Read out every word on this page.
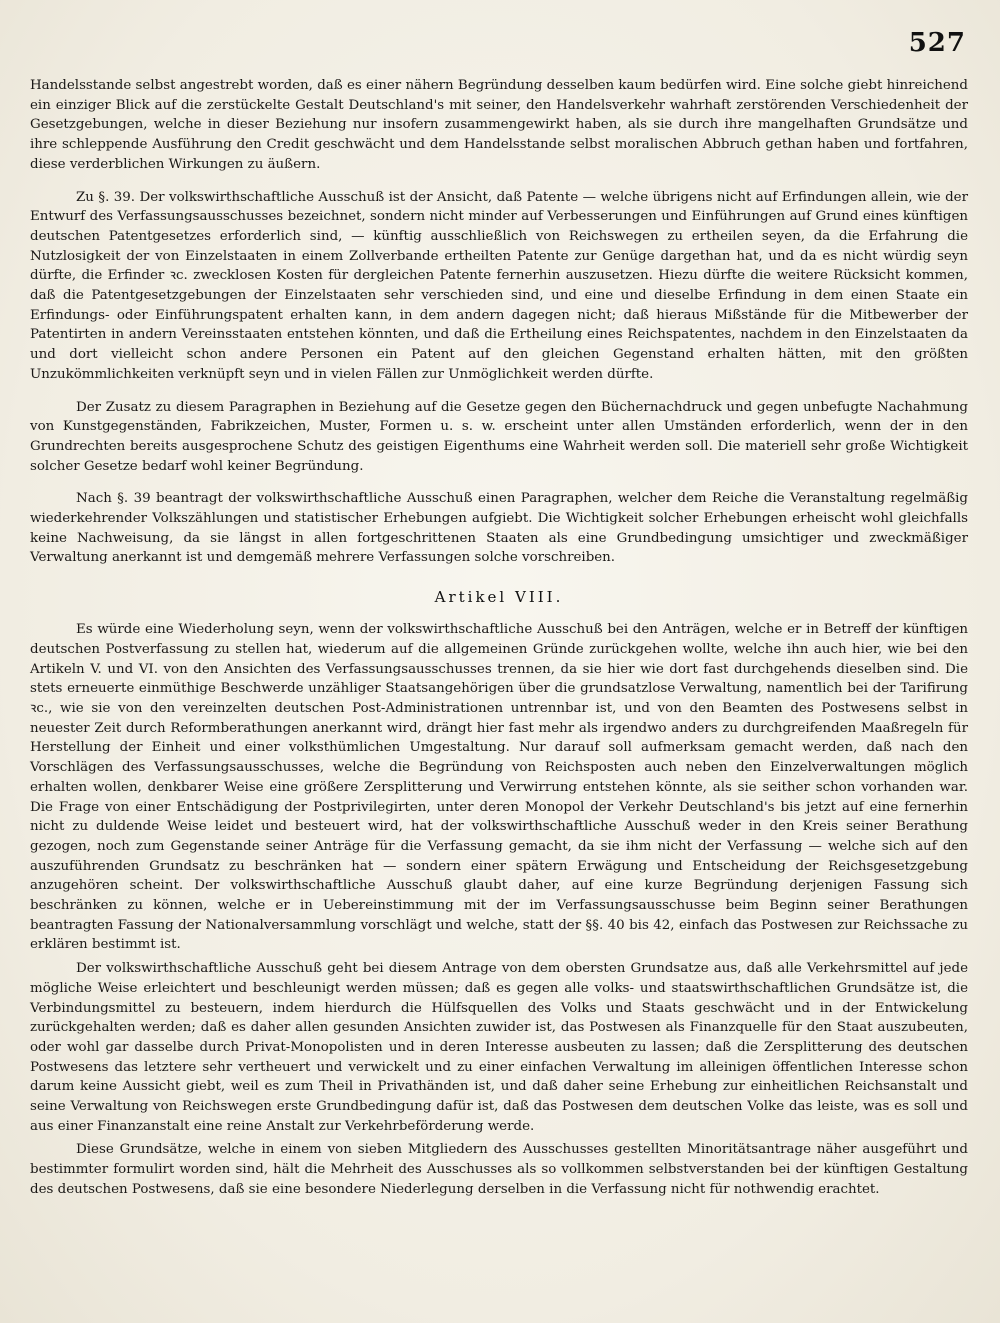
527

Handelsstande selbst angestrebt worden, daß es einer nähern Begründung desselben kaum bedürfen wird. Eine solche giebt hinreichend ein einziger Blick auf die zerstückelte Gestalt Deutschland's mit seiner, den Handelsverkehr wahrhaft zerstörenden Verschiedenheit der Gesetzgebungen, welche in dieser Beziehung nur insofern zusammengewirkt haben, als sie durch ihre mangelhaften Grundsätze und ihre schleppende Ausführung den Credit geschwächt und dem Handelsstande selbst moralischen Abbruch gethan haben und fortfahren, diese verderblichen Wirkungen zu äußern.

Zu §. 39. Der volkswirthschaftliche Ausschuß ist der Ansicht, daß Patente — welche übrigens nicht auf Erfindungen allein, wie der Entwurf des Verfassungsausschusses bezeichnet, sondern nicht minder auf Verbesserungen und Einführungen auf Grund eines künftigen deutschen Patentgesetzes erforderlich sind, — künftig ausschließlich von Reichswegen zu ertheilen seyen, da die Erfahrung die Nutzlosigkeit der von Einzelstaaten in einem Zollverbande ertheilten Patente zur Genüge dargethan hat, und da es nicht würdig seyn dürfte, die Erfinder ꝛc. zwecklosen Kosten für dergleichen Patente fernerhin auszusetzen. Hiezu dürfte die weitere Rücksicht kommen, daß die Patentgesetzgebungen der Einzelstaaten sehr verschieden sind, und eine und dieselbe Erfindung in dem einen Staate ein Erfindungs- oder Einführungspatent erhalten kann, in dem andern dagegen nicht; daß hieraus Mißstände für die Mitbewerber der Patentirten in andern Vereinsstaaten entstehen könnten, und daß die Ertheilung eines Reichspatentes, nachdem in den Einzelstaaten da und dort vielleicht schon andere Personen ein Patent auf den gleichen Gegenstand erhalten hätten, mit den größten Unzukömmlichkeiten verknüpft seyn und in vielen Fällen zur Unmöglichkeit werden dürfte.

Der Zusatz zu diesem Paragraphen in Beziehung auf die Gesetze gegen den Büchernachdruck und gegen unbefugte Nachahmung von Kunstgegenständen, Fabrikzeichen, Muster, Formen u. s. w. erscheint unter allen Umständen erforderlich, wenn der in den Grundrechten bereits ausgesprochene Schutz des geistigen Eigenthums eine Wahrheit werden soll. Die materiell sehr große Wichtigkeit solcher Gesetze bedarf wohl keiner Begründung.

Nach §. 39 beantragt der volkswirthschaftliche Ausschuß einen Paragraphen, welcher dem Reiche die Veranstaltung regelmäßig wiederkehrender Volkszählungen und statistischer Erhebungen aufgiebt. Die Wichtigkeit solcher Erhebungen erheischt wohl gleichfalls keine Nachweisung, da sie längst in allen fortgeschrittenen Staaten als eine Grundbedingung umsichtiger und zweckmäßiger Verwaltung anerkannt ist und demgemäß mehrere Verfassungen solche vorschreiben.

Artikel VIII.

Es würde eine Wiederholung seyn, wenn der volkswirthschaftliche Ausschuß bei den Anträgen, welche er in Betreff der künftigen deutschen Postverfassung zu stellen hat, wiederum auf die allgemeinen Gründe zurückgehen wollte, welche ihn auch hier, wie bei den Artikeln V. und VI. von den Ansichten des Verfassungsausschusses trennen, da sie hier wie dort fast durchgehends dieselben sind. Die stets erneuerte einmüthige Beschwerde unzähliger Staatsangehörigen über die grundsatzlose Verwaltung, namentlich bei der Tarifirung ꝛc., wie sie von den vereinzelten deutschen Post-Administrationen untrennbar ist, und von den Beamten des Postwesens selbst in neuester Zeit durch Reformberathungen anerkannt wird, drängt hier fast mehr als irgendwo anders zu durchgreifenden Maaßregeln für Herstellung der Einheit und einer volksthümlichen Umgestaltung. Nur darauf soll aufmerksam gemacht werden, daß nach den Vorschlägen des Verfassungsausschusses, welche die Begründung von Reichsposten auch neben den Einzelverwaltungen möglich erhalten wollen, denkbarer Weise eine größere Zersplitterung und Verwirrung entstehen könnte, als sie seither schon vorhanden war. Die Frage von einer Entschädigung der Postprivilegirten, unter deren Monopol der Verkehr Deutschland's bis jetzt auf eine fernerhin nicht zu duldende Weise leidet und besteuert wird, hat der volkswirthschaftliche Ausschuß weder in den Kreis seiner Berathung gezogen, noch zum Gegenstande seiner Anträge für die Verfassung gemacht, da sie ihm nicht der Verfassung — welche sich auf den auszuführenden Grundsatz zu beschränken hat — sondern einer spätern Erwägung und Entscheidung der Reichsgesetzgebung anzugehören scheint. Der volkswirthschaftliche Ausschuß glaubt daher, auf eine kurze Begründung derjenigen Fassung sich beschränken zu können, welche er in Uebereinstimmung mit der im Verfassungsausschusse beim Beginn seiner Berathungen beantragten Fassung der Nationalversammlung vorschlägt und welche, statt der §§. 40 bis 42, einfach das Postwesen zur Reichssache zu erklären bestimmt ist.

Der volkswirthschaftliche Ausschuß geht bei diesem Antrage von dem obersten Grundsatze aus, daß alle Verkehrsmittel auf jede mögliche Weise erleichtert und beschleunigt werden müssen; daß es gegen alle volks- und staatswirthschaftlichen Grundsätze ist, die Verbindungsmittel zu besteuern, indem hierdurch die Hülfsquellen des Volks und Staats geschwächt und in der Entwickelung zurückgehalten werden; daß es daher allen gesunden Ansichten zuwider ist, das Postwesen als Finanzquelle für den Staat auszubeuten, oder wohl gar dasselbe durch Privat-Monopolisten und in deren Interesse ausbeuten zu lassen; daß die Zersplitterung des deutschen Postwesens das letztere sehr vertheuert und verwickelt und zu einer einfachen Verwaltung im alleinigen öffentlichen Interesse schon darum keine Aussicht giebt, weil es zum Theil in Privathänden ist, und daß daher seine Erhebung zur einheitlichen Reichsanstalt und seine Verwaltung von Reichswegen erste Grundbedingung dafür ist, daß das Postwesen dem deutschen Volke das leiste, was es soll und aus einer Finanzanstalt eine reine Anstalt zur Verkehrbeförderung werde.

Diese Grundsätze, welche in einem von sieben Mitgliedern des Ausschusses gestellten Minoritätsantrage näher ausgeführt und bestimmter formulirt worden sind, hält die Mehrheit des Ausschusses als so vollkommen selbstverstanden bei der künftigen Gestaltung des deutschen Postwesens, daß sie eine besondere Niederlegung derselben in die Verfassung nicht für nothwendig erachtet.
